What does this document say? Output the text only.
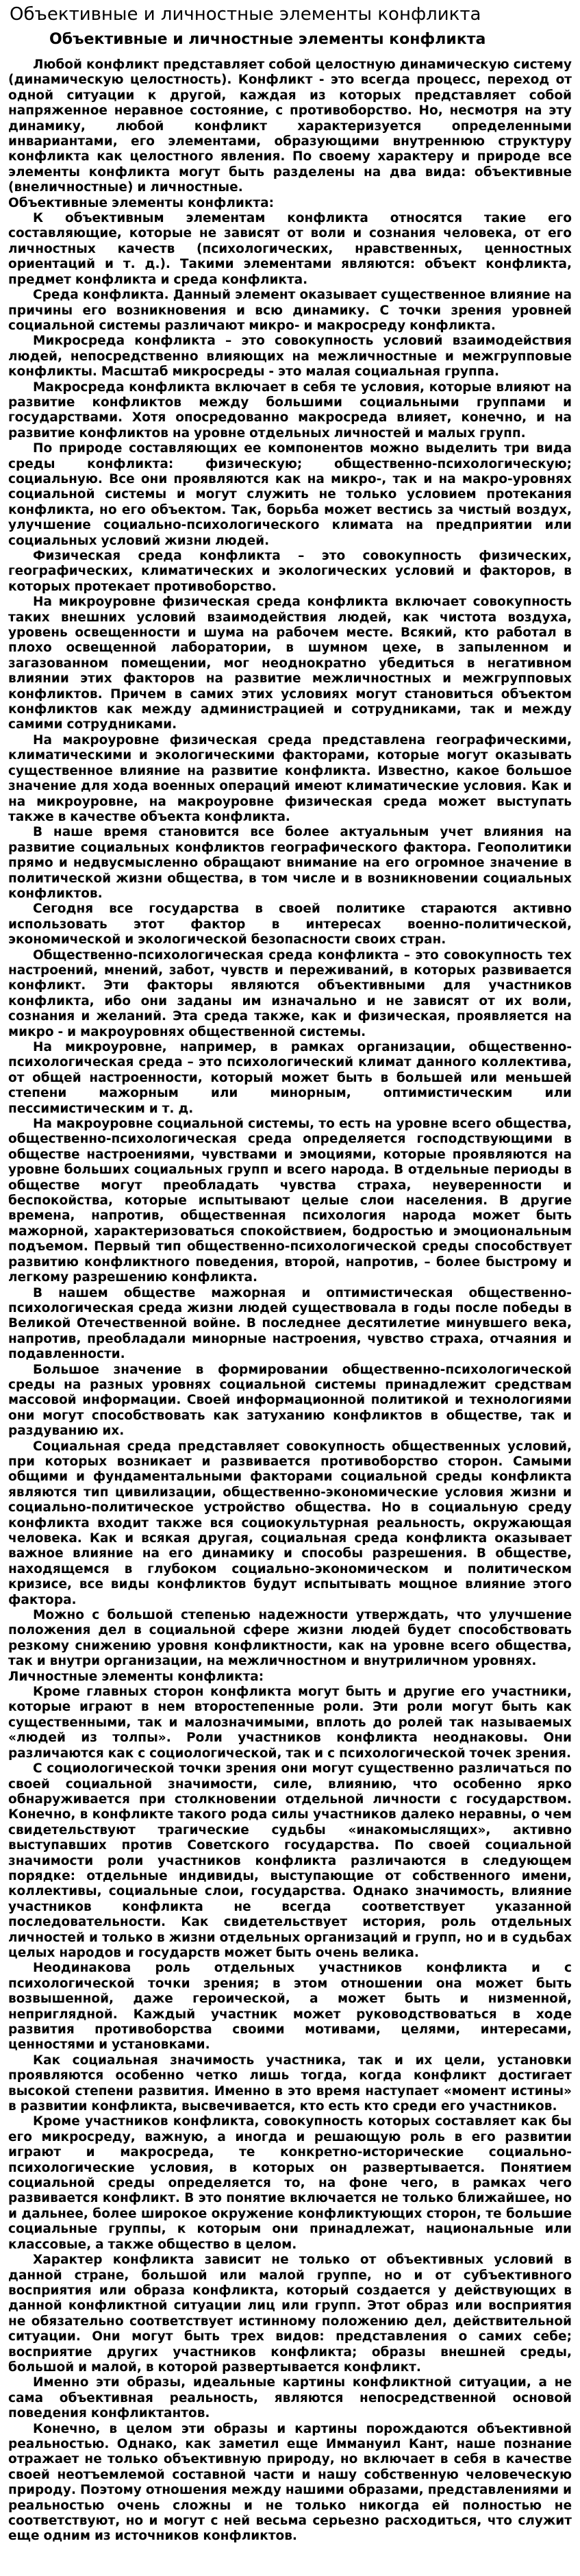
Объективные и личностные элементы конфликта
Объективные и личностные элементы конфликта

Любой конфликт представляет собой целостную динамическую систему (динамическую целостность). Конфликт - это всегда процесс, переход от одной ситуации к другой, каждая из которых представляет собой напряженное неравное состояние, с противоборство. Но, несмотря на эту динамику, любой конфликт характеризуется определенными инвариантами, его элементами, образующими внутреннюю структуру конфликта как целостного явления. По своему характеру и природе все элементы конфликта могут быть разделены на два вида: объективные (внеличностные) и личностные.

Объективные элементы конфликта:

К объективным элементам конфликта относятся такие его составляющие, которые не зависят от воли и сознания человека, от его личностных качеств (психологических, нравственных, ценностных ориентаций и т. д.). Такими элементами являются: объект конфликта, предмет конфликта и среда конфликта.

Среда конфликта. Данный элемент оказывает существенное влияние на причины его возникновения и всю динамику. С точки зрения уровней социальной системы различают микро- и макросреду конфликта.

Микросреда конфликта – это совокупность условий взаимодействия людей, непосредственно влияющих на межличностные и межгрупповые конфликты. Масштаб микросреды - это малая социальная группа.

Макросреда конфликта включает в себя те условия, которые влияют на развитие конфликтов между большими социальными группами и государствами. Хотя опосредованно макросреда влияет, конечно, и на развитие конфликтов на уровне отдельных личностей и малых групп.

По природе составляющих ее компонентов можно выделить три вида среды конфликта: физическую; общественно-психологическую; социальную. Все они проявляются как на микро-, так и на макро-уровнях социальной системы и могут служить не только условием протекания конфликта, но его объектом. Так, борьба может вестись за чистый воздух, улучшение социально-психологического климата на предприятии или социальных условий жизни людей.

Физическая среда конфликта – это совокупность физических, географических, климатических и экологических условий и факторов, в которых протекает противоборство.

На микроуровне физическая среда конфликта включает совокупность таких внешних условий взаимодействия людей, как чистота воздуха, уровень освещенности и шума на рабочем месте. Всякий, кто работал в плохо освещенной лаборатории, в шумном цехе, в запыленном и загазованном помещении, мог неоднократно убедиться в негативном влиянии этих факторов на развитие межличностных и межгрупповых конфликтов. Причем в самих этих условиях могут становиться объектом конфликтов как между администрацией и сотрудниками, так и между самими сотрудниками.

На макроуровне физическая среда представлена географическими, климатическими и экологическими факторами, которые могут оказывать существенное влияние на развитие конфликта. Известно, какое большое значение для хода военных операций имеют климатические условия. Как и на микроуровне, на макроуровне физическая среда может выступать также в качестве объекта конфликта.

В наше время становится все более актуальным учет влияния на развитие социальных конфликтов географического фактора. Геополитики прямо и недвусмысленно обращают внимание на его огромное значение в политической жизни общества, в том числе и в возникновении социальных конфликтов.

Сегодня все государства в своей политике стараются активно использовать этот фактор в интересах военно-политической, экономической и экологической безопасности своих стран.

Общественно-психологическая среда конфликта – это совокупность тех настроений, мнений, забот, чувств и переживаний, в которых развивается конфликт. Эти факторы являются объективными для участников конфликта, ибо они заданы им изначально и не зависят от их воли, сознания и желаний. Эта среда также, как и физическая, проявляется на микро - и макроуровнях общественной системы.

На микроуровне, например, в рамках организации, общественно-психологическая среда – это психологический климат данного коллектива, от общей настроенности, который может быть в большей или меньшей степени мажорным или минорным, оптимистическим или пессимистическим и т. д.

На макроуровне социальной системы, то есть на уровне всего общества, общественно-психологическая среда определяется господствующими в обществе настроениями, чувствами и эмоциями, которые проявляются на уровне больших социальных групп и всего народа. В отдельные периоды в обществе могут преобладать чувства страха, неуверенности и беспокойства, которые испытывают целые слои населения. В другие времена, напротив, общественная психология народа может быть мажорной, характеризоваться спокойствием, бодростью и эмоциональным подъемом. Первый тип общественно-психологической среды способствует развитию конфликтного поведения, второй, напротив, – более быстрому и легкому разрешению конфликта.

В нашем обществе мажорная и оптимистическая общественно-психологическая среда жизни людей существовала в годы после победы в Великой Отечественной войне. В последнее десятилетие минувшего века, напротив, преобладали минорные настроения, чувство страха, отчаяния и подавленности.

Большое значение в формировании общественно-психологической среды на разных уровнях социальной системы принадлежит средствам массовой информации. Своей информационной политикой и технологиями они могут способствовать как затуханию конфликтов в обществе, так и раздуванию их.

Социальная среда представляет совокупность общественных условий, при которых возникает и развивается противоборство сторон. Самыми общими и фундаментальными факторами социальной среды конфликта являются тип цивилизации, общественно-экономические условия жизни и социально-политическое устройство общества. Но в социальную среду конфликта входит также вся социокультурная реальность, окружающая человека. Как и всякая другая, социальная среда конфликта оказывает важное влияние на его динамику и способы разрешения. В обществе, находящемся в глубоком социально-экономическом и политическом кризисе, все виды конфликтов будут испытывать мощное влияние этого фактора.

Можно с большой степенью надежности утверждать, что улучшение положения дел в социальной сфере жизни людей будет способствовать резкому снижению уровня конфликтности, как на уровне всего общества, так и внутри организации, на межличностном и внутриличном уровнях.

Личностные элементы конфликта:

Кроме главных сторон конфликта могут быть и другие его участники, которые играют в нем второстепенные роли. Эти роли могут быть как существенными, так и малозначимыми, вплоть до ролей так называемых «людей из толпы». Роли участников конфликта неоднаковы. Они различаются как с социологической, так и с психологической точек зрения.

С социологической точки зрения они могут существенно различаться по своей социальной значимости, силе, влиянию, что особенно ярко обнаруживается при столкновении отдельной личности с государством. Конечно, в конфликте такого рода силы участников далеко неравны, о чем свидетельствуют трагические судьбы «инакомыслящих», активно выступавших против Советского государства. По своей социальной значимости роли участников конфликта различаются в следующем порядке: отдельные индивиды, выступающие от собственного имени, коллективы, социальные слои, государства. Однако значимость, влияние участников конфликта не всегда соответствует указанной последовательности. Как свидетельствует история, роль отдельных личностей и только в жизни отдельных организаций и групп, но и в судьбах целых народов и государств может быть очень велика.

Неодинакова роль отдельных участников конфликта и с психологической точки зрения; в этом отношении она может быть возвышенной, даже героической, а может быть и низменной, неприглядной. Каждый участник может руководствоваться в ходе развития противоборства своими мотивами, целями, интересами, ценностями и установками.

Как социальная значимость участника, так и их цели, установки проявляются особенно четко лишь тогда, когда конфликт достигает высокой степени развития. Именно в это время наступает «момент истины» в развитии конфликта, высвечивается, кто есть кто среди его участников.

Кроме участников конфликта, совокупность которых составляет как бы его микросреду, важную, а иногда и решающую роль в его развитии играют и макросреда, те конкретно-исторические социально-психологические условия, в которых он развертывается. Понятием социальной среды определяется то, на фоне чего, в рамках чего развивается конфликт. В это понятие включается не только ближайшее, но и дальнее, более широкое окружение конфликтующих сторон, те большие социальные группы, к которым они принадлежат, национальные или классовые, а также общество в целом.

Характер конфликта зависит не только от объективных условий в данной стране, большой или малой группе, но и от субъективного восприятия или образа конфликта, который создается у действующих в данной конфликтной ситуации лиц или групп. Этот образ или восприятия не обязательно соответствует истинному положению дел, действительной ситуации. Они могут быть трех видов: представления о самих себе; восприятие других участников конфликта; образы внешней среды, большой и малой, в которой развертывается конфликт.

Именно эти образы, идеальные картины конфликтной ситуации, а не сама объективная реальность, являются непосредственной основой поведения конфликтантов.

Конечно, в целом эти образы и картины порождаются объективной реальностью. Однако, как заметил еще Иммануил Кант, наше познание отражает не только объективную природу, но включает в себя в качестве своей неотъемлемой составной части и нашу собственную человеческую природу. Поэтому отношения между нашими образами, представлениями и реальностью очень сложны и не только никогда ей полностью не соответствуют, но и могут с ней весьма серьезно расходиться, что служит еще одним из источников конфликтов.
